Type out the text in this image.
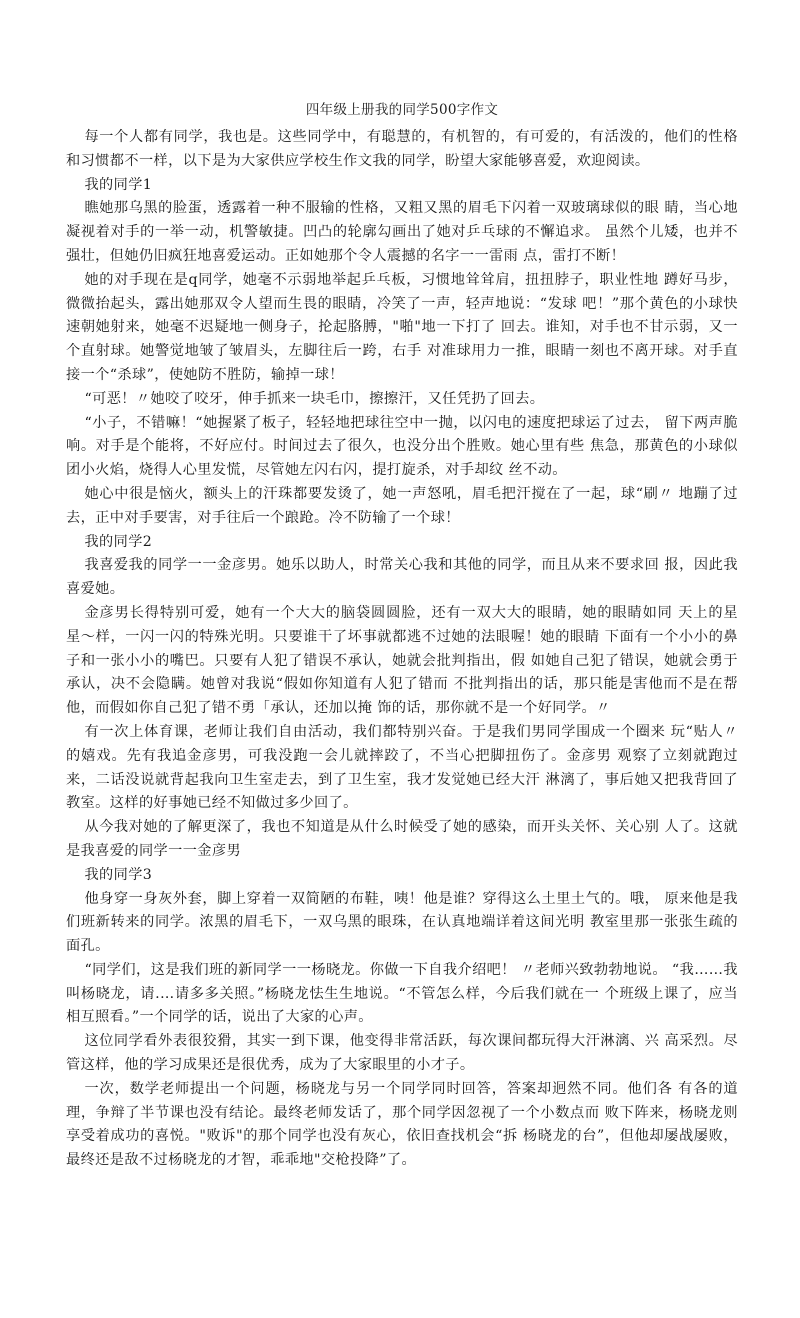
四年级上册我的同学500字作文

每一个人都有同学，我也是。这些同学中，有聪慧的，有机智的，有可爱的，有活泼的，他们的性格和习惯都不一样，以下是为大家供应学校生作文我的同学，盼望大家能够喜爱，欢迎阅读。

我的同学1

瞧她那乌黑的脸蛋，透露着一种不服输的性格，又粗又黑的眉毛下闪着一双玻璃球似的眼 睛，当心地凝视着对手的一举一动，机警敏捷。凹凸的轮廓勾画出了她对乒乓球的不懈追求。 虽然个儿矮，也并不强壮，但她仍旧疯狂地喜爱运动。正如她那个令人震撼的名字一一雷雨 点，雷打不断！

她的对手现在是q同学，她毫不示弱地举起乒乓板，习惯地耸耸肩，扭扭脖子，职业性地 蹲好马步，微微抬起头，露出她那双令人望而生畏的眼睛，冷笑了一声，轻声地说：“发球 吧！”那个黄色的小球快速朝她射来，她毫不迟疑地一侧身子，抡起胳膊，"啪"地一下打了 回去。谁知，对手也不甘示弱，又一个直射球。她警觉地皱了皱眉头，左脚往后一跨，右手 对准球用力一推，眼睛一刻也不离开球。对手直接一个“杀球”，使她防不胜防，输掉一球！

“可恶！〃她咬了咬牙，伸手抓来一块毛巾，擦擦汗，又任凭扔了回去。

“小子，不错嘛！“她握紧了板子，轻轻地把球往空中一抛，以闪电的速度把球运了过去， 留下两声脆响。对手是个能将，不好应付。时间过去了很久，也没分出个胜败。她心里有些 焦急，那黄色的小球似团小火焰，烧得人心里发慌，尽管她左闪右闪，提打旋杀，对手却纹 丝不动。

她心中很是恼火，额头上的汗珠都要发烫了，她一声怒吼，眉毛把汗搅在了一起，球“刷〃 地蹦了过去，正中对手要害，对手往后一个踉跄。冷不防输了一个球！

我的同学2

我喜爱我的同学一一金彦男。她乐以助人，时常关心我和其他的同学，而且从来不要求回 报，因此我喜爱她。

金彦男长得特别可爱，她有一个大大的脑袋圆圆脸，还有一双大大的眼睛，她的眼睛如同 天上的星星〜样，一闪一闪的特殊光明。只要谁干了坏事就都逃不过她的法眼喔！她的眼睛 下面有一个小小的鼻子和一张小小的嘴巴。只要有人犯了错误不承认，她就会批判指出，假 如她自己犯了错误，她就会勇于承认，决不会隐瞒。她曾对我说“假如你知道有人犯了错而 不批判指出的话，那只能是害他而不是在帮他，而假如你自己犯了错不勇「承认，还加以掩 饰的话，那你就不是一个好同学。〃

有一次上体育课，老师让我们自由活动，我们都特别兴奋。于是我们男同学围成一个圈来 玩“贴人〃的嬉戏。先有我追金彦男，可我没跑一会儿就摔跤了，不当心把脚扭伤了。金彦男 观察了立刻就跑过来，二话没说就背起我向卫生室走去，到了卫生室，我才发觉她已经大汗 淋漓了，事后她又把我背回了教室。这样的好事她已经不知做过多少回了。

从今我对她的了解更深了，我也不知道是从什么时候受了她的感染，而开头关怀、关心别 人了。这就是我喜爱的同学一一金彦男

我的同学3

他身穿一身灰外套，脚上穿着一双简陋的布鞋，咦！他是谁？穿得这么土里土气的。哦， 原来他是我们班新转来的同学。浓黑的眉毛下，一双乌黑的眼珠，在认真地端详着这间光明 教室里那一张张生疏的面孔。

“同学们，这是我们班的新同学一一杨晓龙。你做一下自我介绍吧！ 〃老师兴致勃勃地说。 “我……我叫杨晓龙，请.…请多多关照。”杨晓龙怯生生地说。“不管怎么样，今后我们就在一 个班级上课了，应当相互照看。”一个同学的话，说出了大家的心声。

这位同学看外表很狡猾，其实一到下课，他变得非常活跃，每次课间都玩得大汗淋漓、兴 高采烈。尽管这样，他的学习成果还是很优秀，成为了大家眼里的小才子。

一次，数学老师提出一个问题，杨晓龙与另一个同学同时回答，答案却迥然不同。他们各 有各的道理，争辩了半节课也没有结论。最终老师发话了，那个同学因忽视了一个小数点而 败下阵来，杨晓龙则享受着成功的喜悦。"败诉"的那个同学也没有灰心，依旧查找机会“拆 杨晓龙的台”，但他却屡战屡败，最终还是敌不过杨晓龙的才智，乖乖地"交枪投降”了。
